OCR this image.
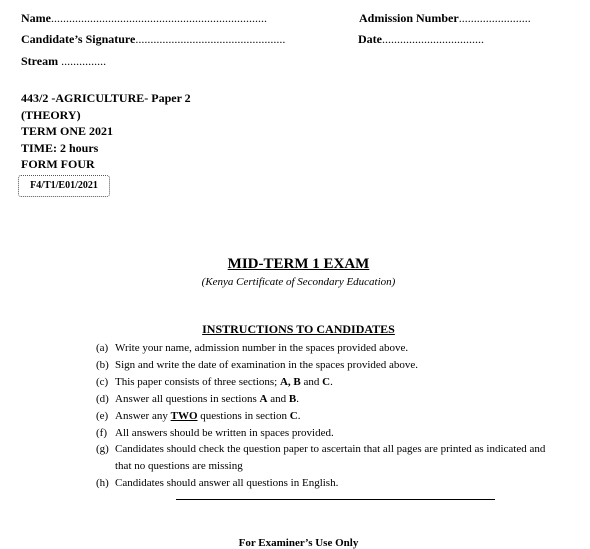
Name........................................................................	Admission Number........................
Candidate’s Signature..................................................	Date..................................
Stream ...............
443/2 -AGRICULTURE- Paper 2
(THEORY)
TERM ONE 2021
TIME: 2 hours
FORM FOUR
F4/T1/E01/2021
MID-TERM 1 EXAM
(Kenya Certificate of Secondary Education)
INSTRUCTIONS TO CANDIDATES
(a) Write your name, admission number in the spaces provided above.
(b) Sign and write the date of examination in the spaces provided above.
(c) This paper consists of three sections; A, B and C.
(d) Answer all questions in sections A and B.
(e) Answer any TWO questions in section C.
(f) All answers should be written in spaces provided.
(g) Candidates should check the question paper to ascertain that all pages are printed as indicated and that no questions are missing
(h) Candidates should answer all questions in English.
For Examiner’s Use Only
